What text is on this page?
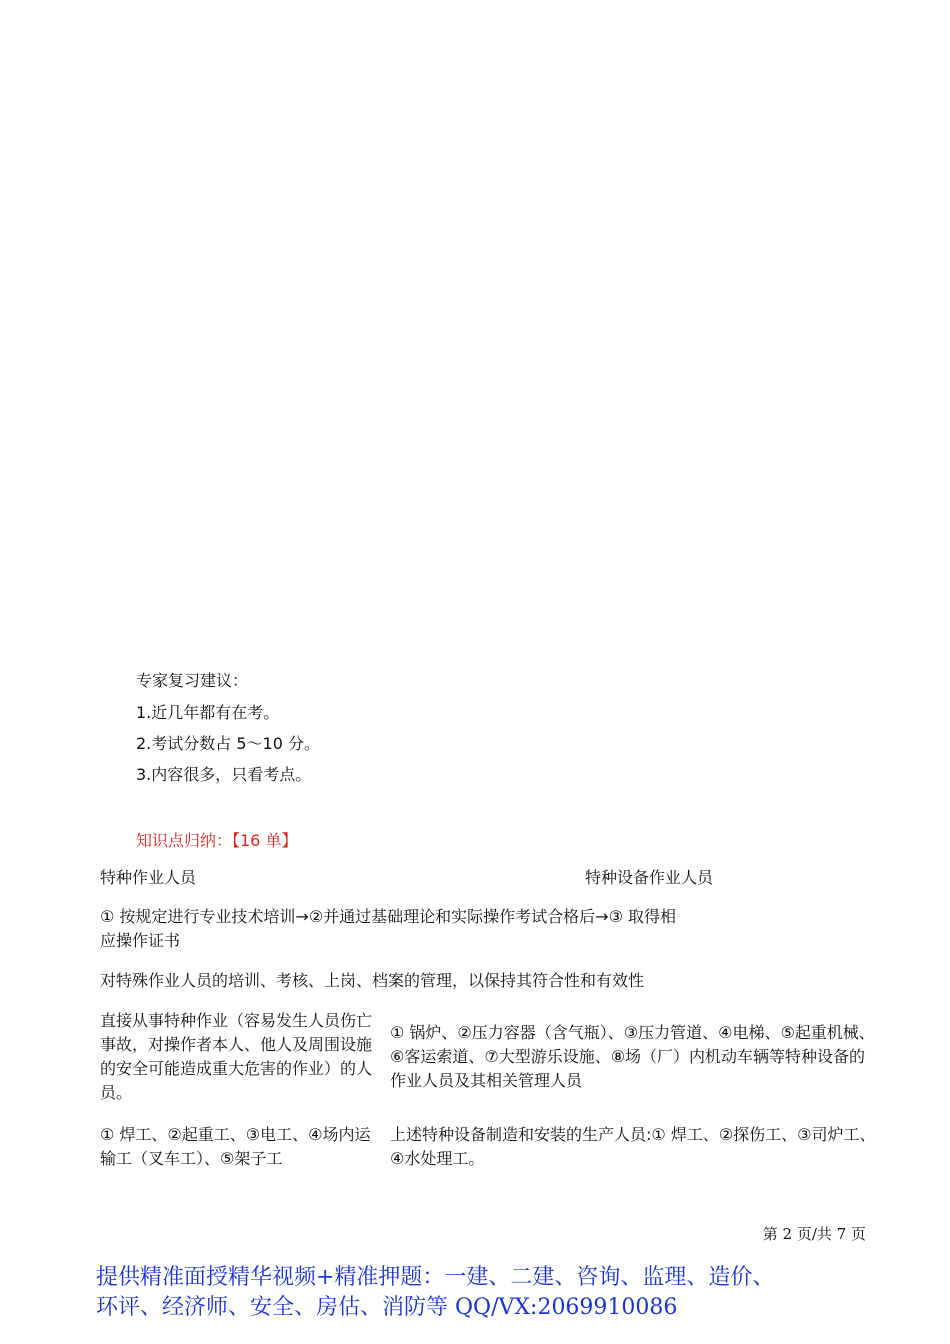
专家复习建议：
1.近几年都有在考。
2.考试分数占 5～10 分。
3.内容很多，只看考点。
知识点归纳：【16 单】
特种作业人员	特种设备作业人员
① 按规定进行专业技术培训→②并通过基础理论和实际操作考试合格后→③ 取得相应操作证书
对特殊作业人员的培训、考核、上岗、档案的管理，以保持其符合性和有效性
直接从事特种作业（容易发生人员伤亡事故，对操作者本人、他人及周围设施的安全可能造成重大危害的作业）的人员。
① 锅炉、②压力容器（含气瓶）、③压力管道、④电梯、⑤起重机械、⑥客运索道、⑦大型游乐设施、⑧场（厂）内机动车辆等特种设备的作业人员及其相关管理人员
① 焊工、②起重工、③电工、④场内运输工（叉车工）、⑤架子工
上述特种设备制造和安装的生产人员:① 焊工、②探伤工、③司炉工、④水处理工。
第 2 页/共 7 页
提供精准面授精华视频+精准押题：一建、二建、咨询、监理、造价、
环评、经济师、安全、房估、消防等 QQ/VX:2069910086
